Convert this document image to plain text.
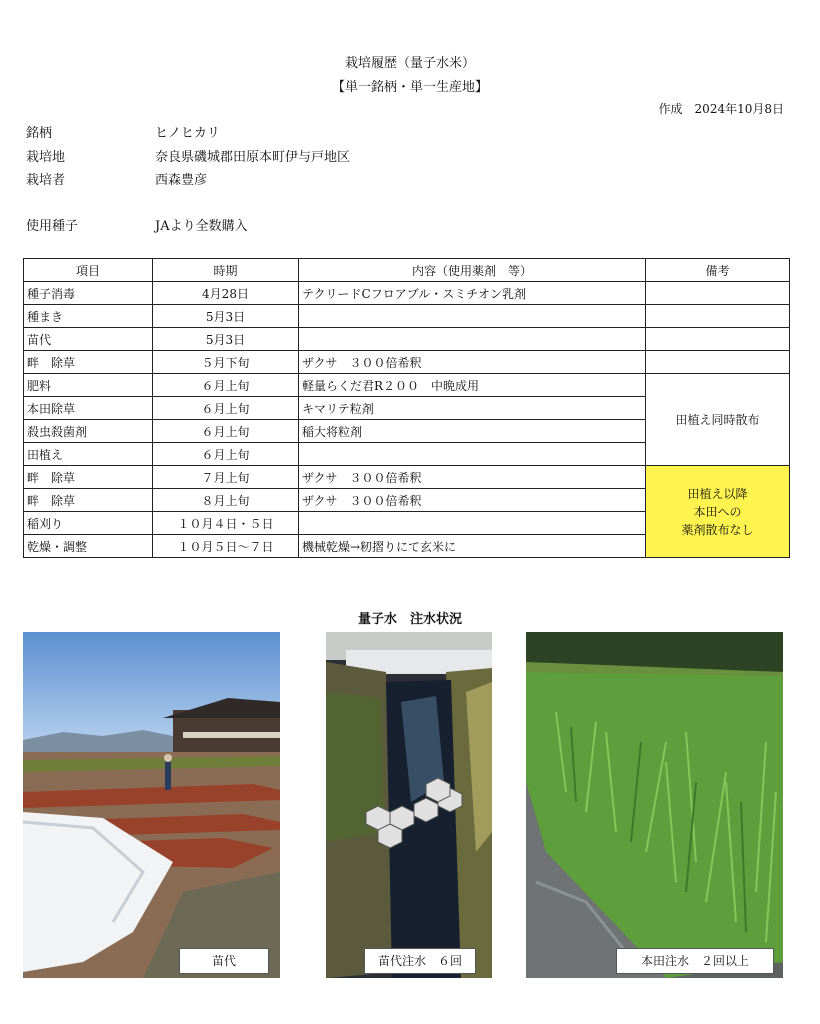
栽培履歴（量子水米）
【単一銘柄・単一生産地】
作成　2024年10月8日
銘柄	ヒノヒカリ
栽培地	奈良県磯城郡田原本町伊与戸地区
栽培者	西森豊彦
使用種子	JAより全数購入
項目	時期	内容（使用薬剤　等）	備考
種子消毒	4月28日	テクリードCフロアブル・スミチオン乳剤	
種まき	5月3日		
苗代	5月3日		
畔　除草	５月下旬	ザクサ　３００倍希釈	
肥料	６月上旬	軽量らくだ君R２００　中晩成用	田植え同時散布
本田除草	６月上旬	キマリテ粒剤	
殺虫殺菌剤	６月上旬	稲大将粒剤	
田植え	６月上旬		
畔　除草	７月上旬	ザクサ　３００倍希釈	田植え以降
本田への
薬剤散布なし

畔　除草	８月上旬	ザクサ　３００倍希釈	
稲刈り	１０月４日・５日		
乾燥・調整	１０月５日～７日	機械乾燥→籾摺りにて玄米に	
量子水　注水状況
苗代	苗代注水　６回	本田注水　２回以上
